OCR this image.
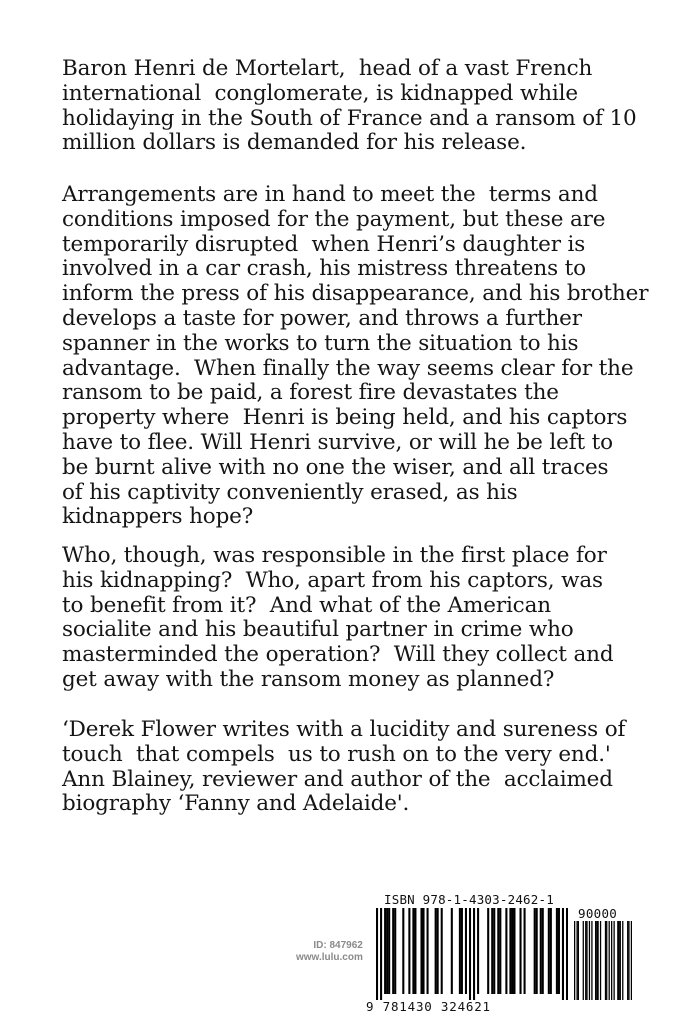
Baron Henri de Mortelart,  head of a vast French
international  conglomerate, is kidnapped while
holidaying in the South of France and a ransom of 10
million dollars is demanded for his release.
Arrangements are in hand to meet the  terms and
conditions imposed for the payment, but these are
temporarily disrupted  when Henri’s daughter is
involved in a car crash, his mistress threatens to
inform the press of his disappearance, and his brother
develops a taste for power, and throws a further
spanner in the works to turn the situation to his
advantage.  When finally the way seems clear for the
ransom to be paid, a forest fire devastates the
property where  Henri is being held, and his captors
have to flee. Will Henri survive, or will he be left to
be burnt alive with no one the wiser, and all traces
of his captivity conveniently erased, as his
kidnappers hope?
Who, though, was responsible in the first place for
his kidnapping?  Who, apart from his captors, was
to benefit from it?  And what of the American
socialite and his beautiful partner in crime who
masterminded the operation?  Will they collect and
get away with the ransom money as planned?
‘Derek Flower writes with a lucidity and sureness of
touch  that compels  us to rush on to the very end.'
Ann Blainey, reviewer and author of the  acclaimed
biography ‘Fanny and Adelaide'.
ID: 847962
www.lulu.com
ISBN 978-1-4303-2462-1
90000
9 781430 324621
